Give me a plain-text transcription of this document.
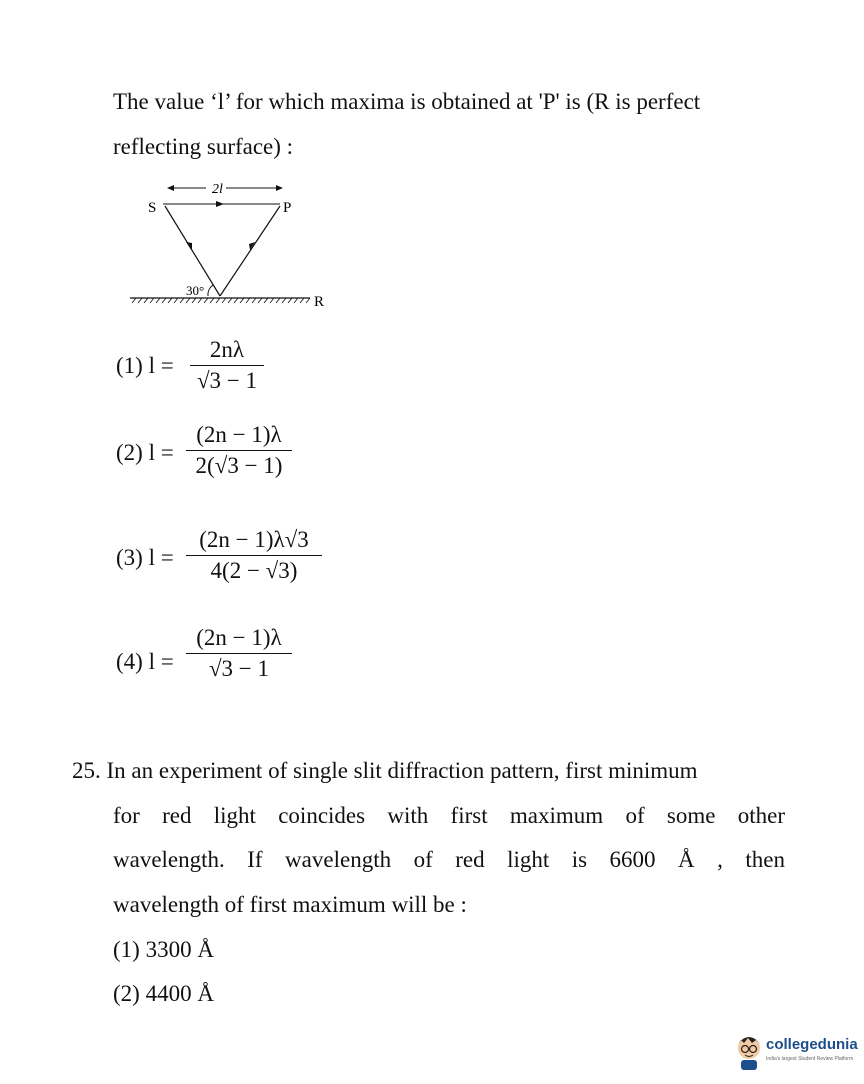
The value ‘l’ for which maxima is obtained at 'P' is (R is perfect
reflecting surface) :
2l
S	P
30°
R
(1) l =
2nλ
√3 − 1
(2) l =
(2n − 1)λ
2(√3 − 1)
(3) l =
(2n − 1)λ√3
4(2 − √3)
(4) l =
(2n − 1)λ
√3 − 1
25. In an experiment of single slit diffraction pattern, first minimum
for red light coincides with first maximum of some other
wavelength. If wavelength of red light is 6600 Å , then
wavelength of first maximum will be :
(1) 3300 Å
(2) 4400 Å
collegedunia
India's largest Student Review Platform
